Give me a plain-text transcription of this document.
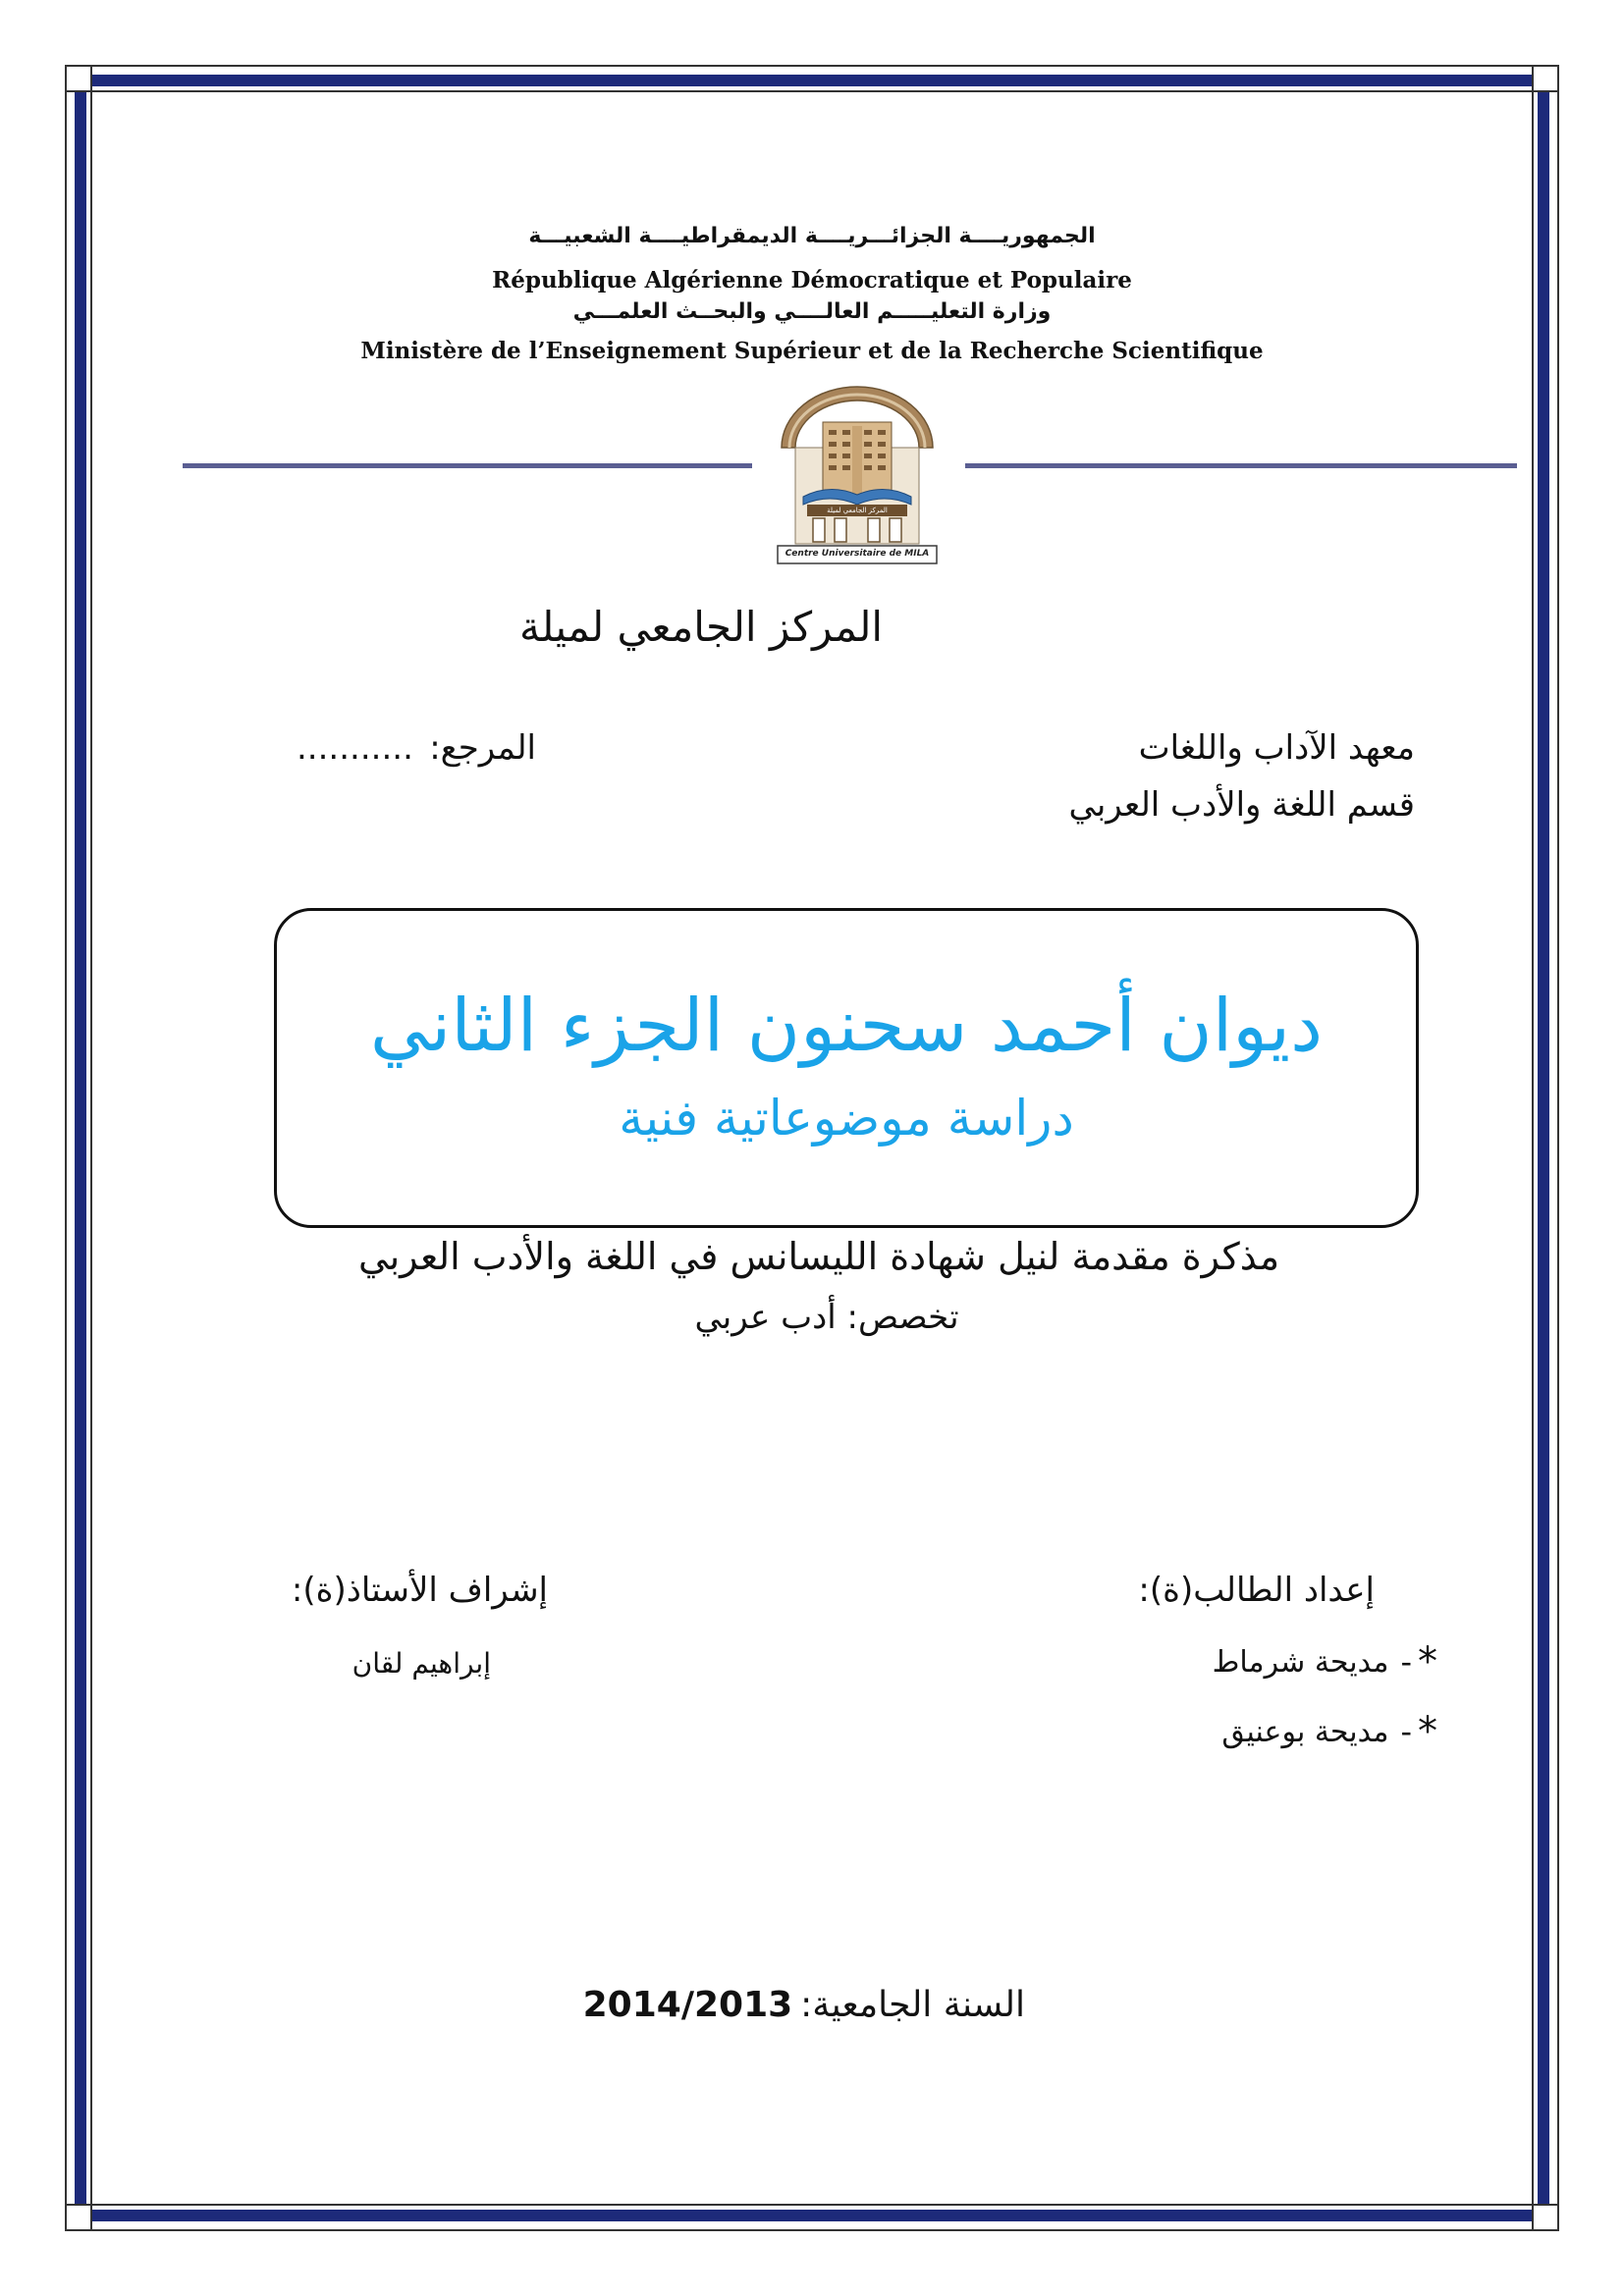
الجمهوريــــة الجزائـــريــــة الديمقراطيــــة الشعبيـــة
République Algérienne Démocratique et Populaire
وزارة التعليـــــم العالــــي والبحــث العلمـــي
Ministère de l’Enseignement Supérieur et de la Recherche Scientifique
المركز الجامعي لميلة
Centre Universitaire de MILA
المركز الجامعي لميلة
معهد الآداب واللغات
قسم اللغة والأدب العربي
المرجع:
...........
ديوان أحمد سحنون الجزء الثاني
دراسة موضوعاتية فنية
مذكرة مقدمة لنيل شهادة الليسانس في اللغة والأدب العربي
تخصص: أدب عربي
إعداد الطالب(ة):
*
-
مديحة شرماط
*
-
مديحة بوعنيق
إشراف الأستاذ(ة):
إبراهيم لقان
السنة الجامعية:
2014/2013
